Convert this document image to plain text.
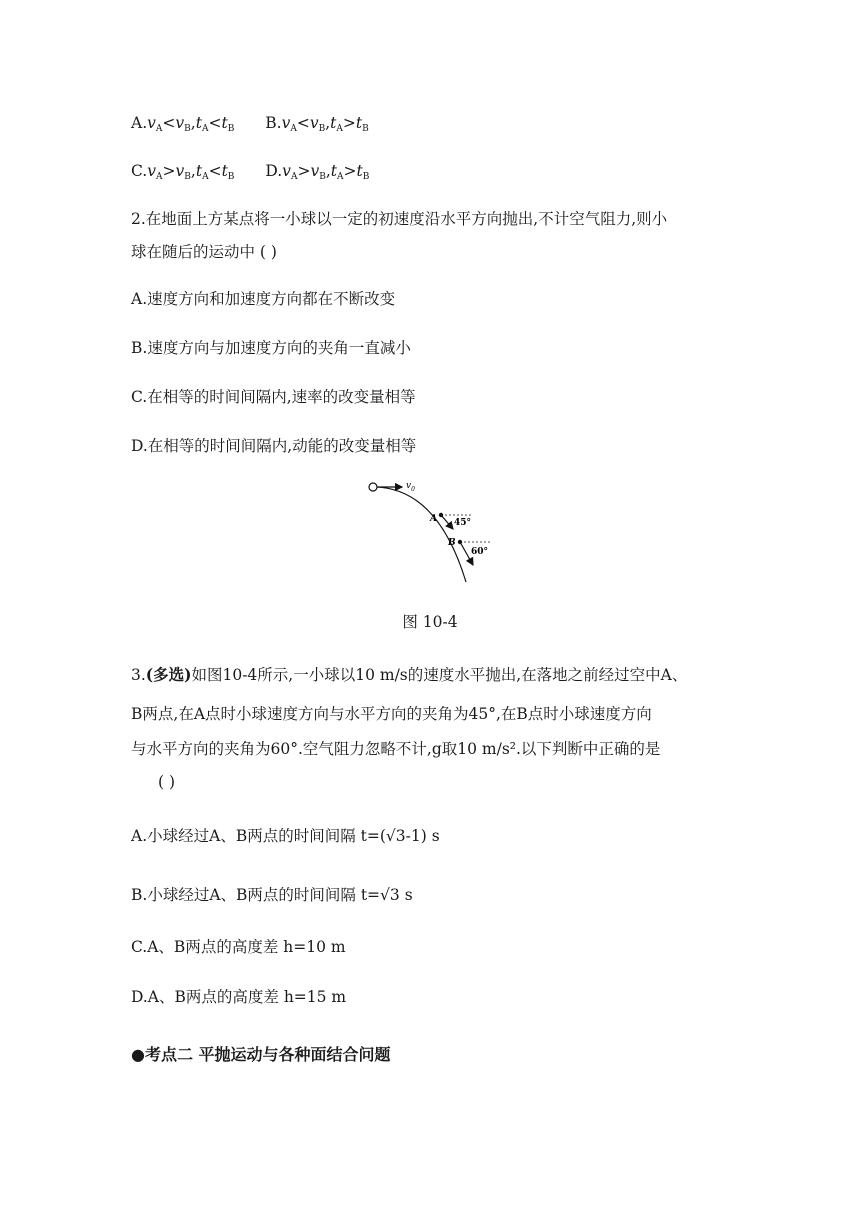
$A.v_A<v_B,t_A<t_B$ $B.v_A<v_B,t_A>t_B$
$C.v_A>v_B,t_A<t_B$ $D.v_A>v_B,t_A>t_B$
2.在地面上方某点将一小球以一定的初速度沿水平方向抛出,不计空气阻力,则小
球在随后的运动中 ( )
A.速度方向和加速度方向都在不断改变
B.速度方向与加速度方向的夹角一直减小
C.在相等的时间间隔内,速率的改变量相等
D.在相等的时间间隔内,动能的改变量相等
$v_0$
A 45°
B
60°
图 10-4
3.(多选)如图10-4所示,一小球以10 m/s的速度水平抛出,在落地之前经过空中A、
B两点,在A点时小球速度方向与水平方向的夹角为45°,在B点时小球速度方向
与水平方向的夹角为60°.空气阻力忽略不计,g取10 m/s².以下判断中正确的是
( )
A.小球经过A、B两点的时间间隔 t=(√3-1) s
B.小球经过A、B两点的时间间隔 t=√3 s
C.A、B两点的高度差 h=10 m
D.A、B两点的高度差 h=15 m
●考点二 平抛运动与各种面结合问题
